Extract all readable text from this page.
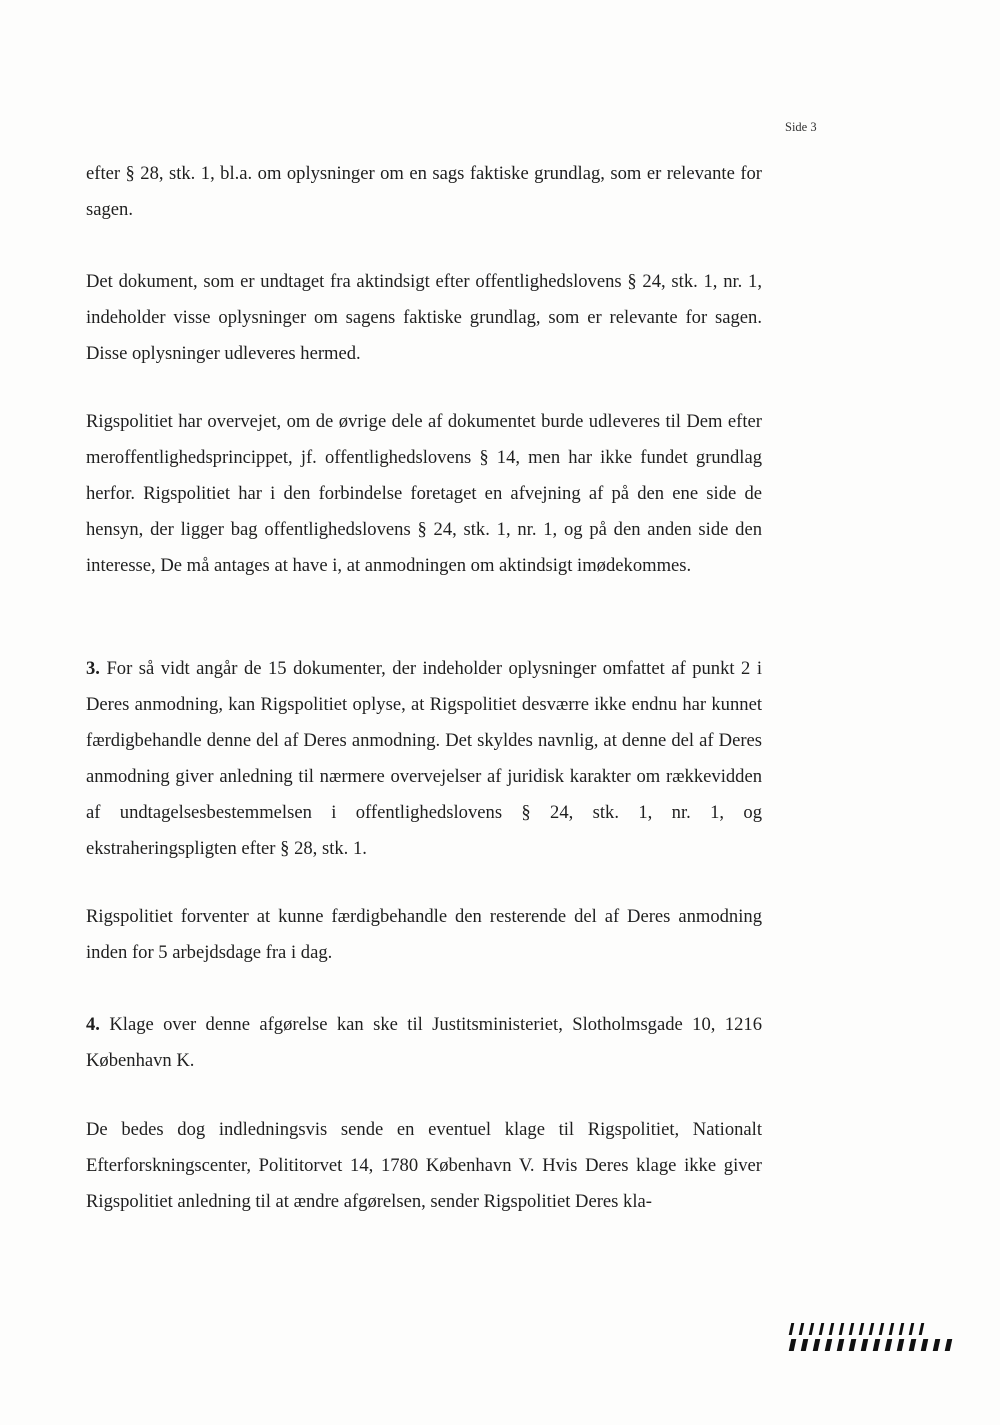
Side 3

efter § 28, stk. 1, bl.a. om oplysninger om en sags faktiske grundlag, som er relevante for sagen.

Det dokument, som er undtaget fra aktindsigt efter offentlighedslovens § 24, stk. 1, nr. 1, indeholder visse oplysninger om sagens faktiske grundlag, som er relevante for sagen. Disse oplysninger udleveres hermed.

Rigspolitiet har overvejet, om de øvrige dele af dokumentet burde udleveres til Dem efter meroffentlighedsprincippet, jf. offentlighedslovens § 14, men har ikke fundet grundlag herfor. Rigspolitiet har i den forbindelse foretaget en afvejning af på den ene side de hensyn, der ligger bag offentlighedslovens § 24, stk. 1, nr. 1, og på den anden side den interesse, De må antages at have i, at anmodningen om aktindsigt imødekommes.

3. For så vidt angår de 15 dokumenter, der indeholder oplysninger omfattet af punkt 2 i Deres anmodning, kan Rigspolitiet oplyse, at Rigspolitiet desværre ikke endnu har kunnet færdigbehandle denne del af Deres anmodning. Det skyldes navnlig, at denne del af Deres anmodning giver anledning til nærmere overvejelser af juridisk karakter om rækkevidden af undtagelsesbestemmelsen i offentlighedslovens § 24, stk. 1, nr. 1, og ekstraheringspligten efter § 28, stk. 1.

Rigspolitiet forventer at kunne færdigbehandle den resterende del af Deres anmodning inden for 5 arbejdsdage fra i dag.

4. Klage over denne afgørelse kan ske til Justitsministeriet, Slotholmsgade 10, 1216 København K.

De bedes dog indledningsvis sende en eventuel klage til Rigspolitiet, Nationalt Efterforskningscenter, Polititorvet 14, 1780 København V. Hvis Deres klage ikke giver Rigspolitiet anledning til at ændre afgørelsen, sender Rigspolitiet Deres kla-
